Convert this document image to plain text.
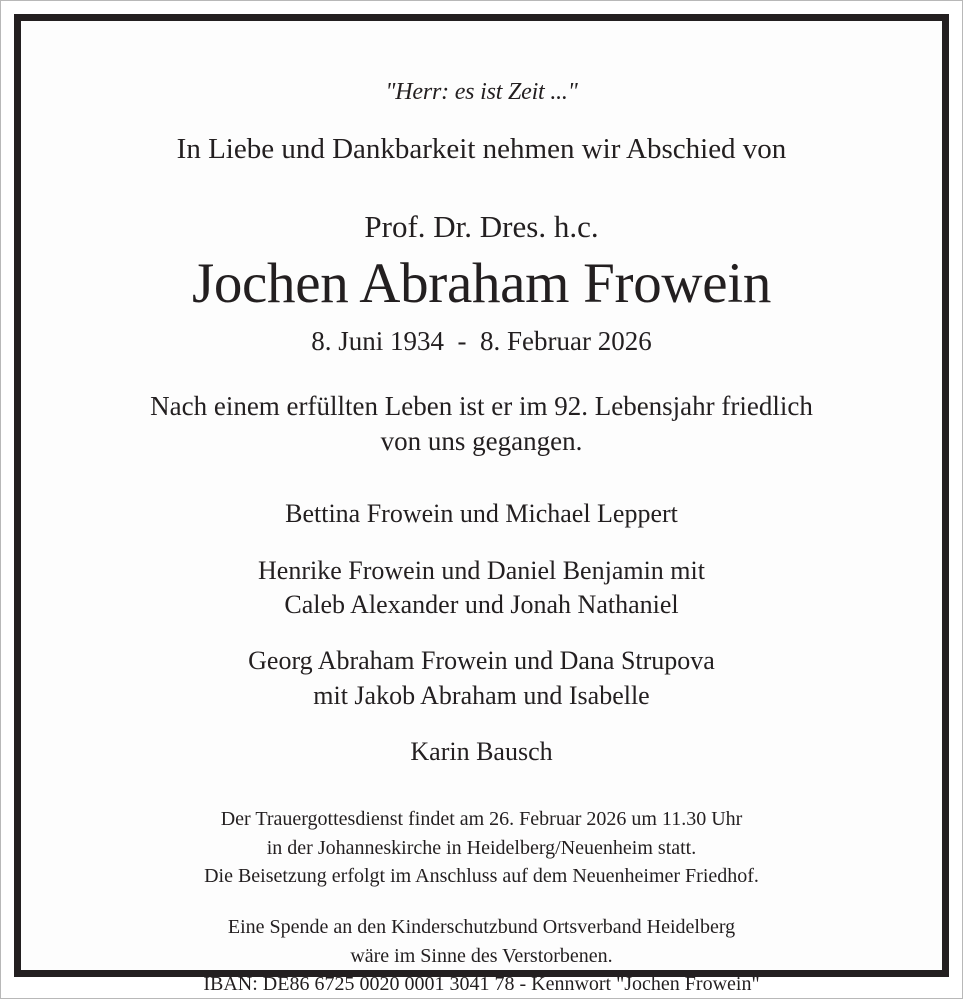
"Herr: es ist Zeit ..."

In Liebe und Dankbarkeit nehmen wir Abschied von

Prof. Dr. Dres. h.c.

Jochen Abraham Frowein

8. Juni 1934  -  8. Februar 2026

Nach einem erfüllten Leben ist er im 92. Lebensjahr friedlich

von uns gegangen.

Bettina Frowein und Michael Leppert

Henrike Frowein und Daniel Benjamin mit

Caleb Alexander und Jonah Nathaniel

Georg Abraham Frowein und Dana Strupova

mit Jakob Abraham und Isabelle

Karin Bausch

Der Trauergottesdienst findet am 26. Februar 2026 um 11.30 Uhr

in der Johanneskirche in Heidelberg/Neuenheim statt.

Die Beisetzung erfolgt im Anschluss auf dem Neuenheimer Friedhof.

Eine Spende an den Kinderschutzbund Ortsverband Heidelberg

wäre im Sinne des Verstorbenen.

IBAN: DE86 6725 0020 0001 3041 78 - Kennwort "Jochen Frowein"
